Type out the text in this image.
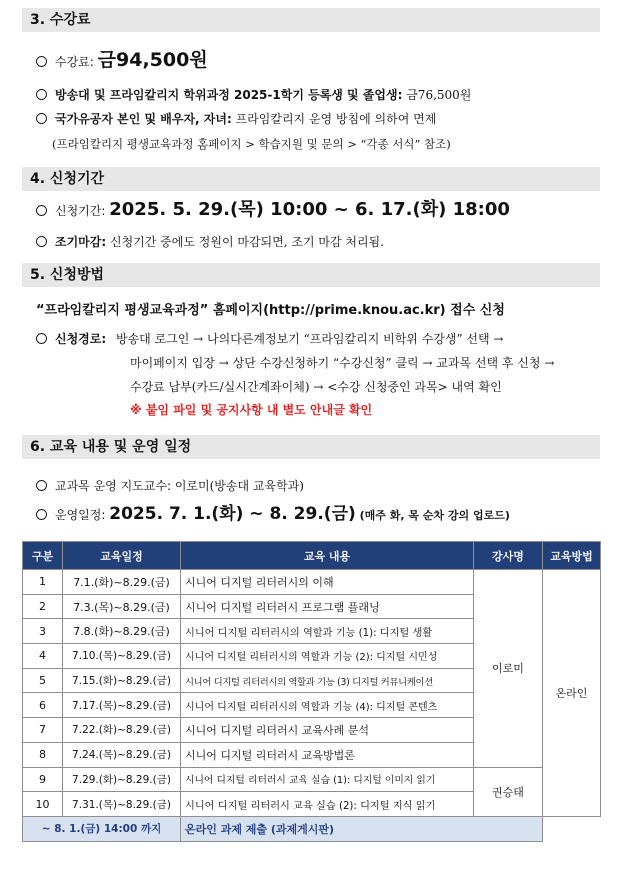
3. 수강료
수강료: 금94,500원
방송대 및 프라임칼리지 학위과정 2025-1학기 등록생 및 졸업생: 금76,500원
국가유공자 본인 및 배우자, 자녀: 프라임칼리지 운영 방침에 의하여 면제
(프라임칼리지 평생교육과정 홈페이지 > 학습지원 및 문의 > “각종 서식” 참조)
4. 신청기간
신청기간: 2025. 5. 29.(목) 10:00 ~ 6. 17.(화) 18:00
조기마감: 신청기간 중에도 정원이 마감되면, 조기 마감 처리됨.
5. 신청방법
“프라임칼리지 평생교육과정” 홈페이지(http://prime.knou.ac.kr) 접수 신청
신청경로: 방송대 로그인 → 나의다른계정보기 “프라임칼리지 비학위 수강생” 선택 →
마이페이지 입장 → 상단 수강신청하기 “수강신청” 클릭 → 교과목 선택 후 신청 →
수강료 납부(카드/실시간계좌이체) → <수강 신청중인 과목> 내역 확인
※ 붙임 파일 및 공지사항 내 별도 안내글 확인
6. 교육 내용 및 운영 일정
교과목 운영 지도교수: 이로미(방송대 교육학과)
운영일정: 2025. 7. 1.(화) ~ 8. 29.(금) (매주 화, 목 순차 강의 업로드)
구분	교육일정	교육 내용	강사명	교육방법
1	7.1.(화)~8.29.(금)	시니어 디지털 리터러시의 이해	이로미	온라인
2	7.3.(목)~8.29.(금)	시니어 디지털 리터러시 프로그램 플래닝		
3	7.8.(화)~8.29.(금)	시니어 디지털 리터러시의 역할과 기능 (1): 디지털 생활		
4	7.10.(목)~8.29.(금)	시니어 디지털 리터러시의 역할과 기능 (2): 디지털 시민성		
5	7.15.(화)~8.29.(금)	시니어 디지털 리터러시의 역할과 기능 (3) 디지털 커뮤니케이션		
6	7.17.(목)~8.29.(금)	시니어 디지털 리터러시의 역할과 기능 (4): 디지털 콘텐츠		
7	7.22.(화)~8.29.(금)	시니어 디지털 리터러시 교육사례 분석		
8	7.24.(목)~8.29.(금)	시니어 디지털 리터러시 교육방법론		
9	7.29.(화)~8.29.(금)	시니어 디지털 리터러시 교육 실습 (1): 디지털 이미지 읽기	권승태	
10	7.31.(목)~8.29.(금)	시니어 디지털 리터러시 교육 실습 (2): 디지털 지식 읽기		
~ 8. 1.(금) 14:00 까지		온라인 과제 제출 (과제게시판)		
